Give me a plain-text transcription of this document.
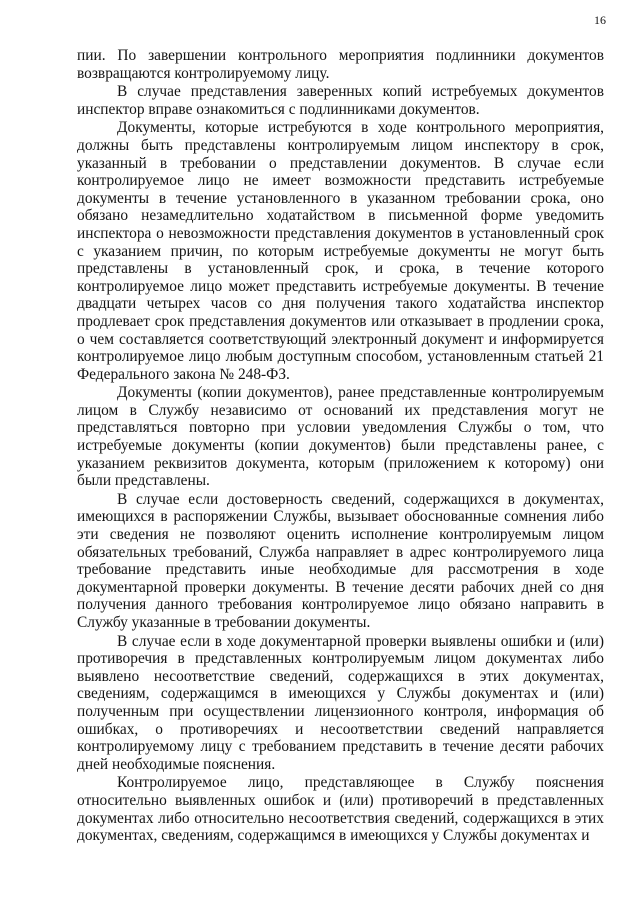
16

пии. По завершении контрольного мероприятия подлинники документов возвращаются контролируемому лицу.

В случае представления заверенных копий истребуемых документов инспектор вправе ознакомиться с подлинниками документов.

Документы, которые истребуются в ходе контрольного мероприятия, должны быть представлены контролируемым лицом инспектору в срок, указанный в требовании о представлении документов. В случае если контролируемое лицо не имеет возможности представить истребуемые документы в течение установленного в указанном требовании срока, оно обязано незамедлительно ходатайством в письменной форме уведомить инспектора о невозможности представления документов в установленный срок с указанием причин, по которым истребуемые документы не могут быть представлены в установленный срок, и срока, в течение которого контролируемое лицо может представить истребуемые документы. В течение двадцати четырех часов со дня получения такого ходатайства инспектор продлевает срок представления документов или отказывает в продлении срока, о чем составляется соответствующий электронный документ и информируется контролируемое лицо любым доступным способом, установленным статьей 21 Федерального закона № 248-ФЗ.

Документы (копии документов), ранее представленные контролируемым лицом в Службу независимо от оснований их представления могут не представляться повторно при условии уведомления Службы о том, что истребуемые документы (копии документов) были представлены ранее, с указанием реквизитов документа, которым (приложением к которому) они были представлены.

В случае если достоверность сведений, содержащихся в документах, имеющихся в распоряжении Службы, вызывает обоснованные сомнения либо эти сведения не позволяют оценить исполнение контролируемым лицом обязательных требований, Служба направляет в адрес контролируемого лица требование представить иные необходимые для рассмотрения в ходе документарной проверки документы. В течение десяти рабочих дней со дня получения данного требования контролируемое лицо обязано направить в Службу указанные в требовании документы.

В случае если в ходе документарной проверки выявлены ошибки и (или) противоречия в представленных контролируемым лицом документах либо выявлено несоответствие сведений, содержащихся в этих документах, сведениям, содержащимся в имеющихся у Службы документах и (или) полученным при осуществлении лицензионного контроля, информация об ошибках, о противоречиях и несоответствии сведений направляется контролируемому лицу с требованием представить в течение десяти рабочих дней необходимые пояснения.

Контролируемое лицо, представляющее в Службу пояснения относительно выявленных ошибок и (или) противоречий в представленных документах либо относительно несоответствия сведений, содержащихся в этих документах, сведениям, содержащимся в имеющихся у Службы документах и
